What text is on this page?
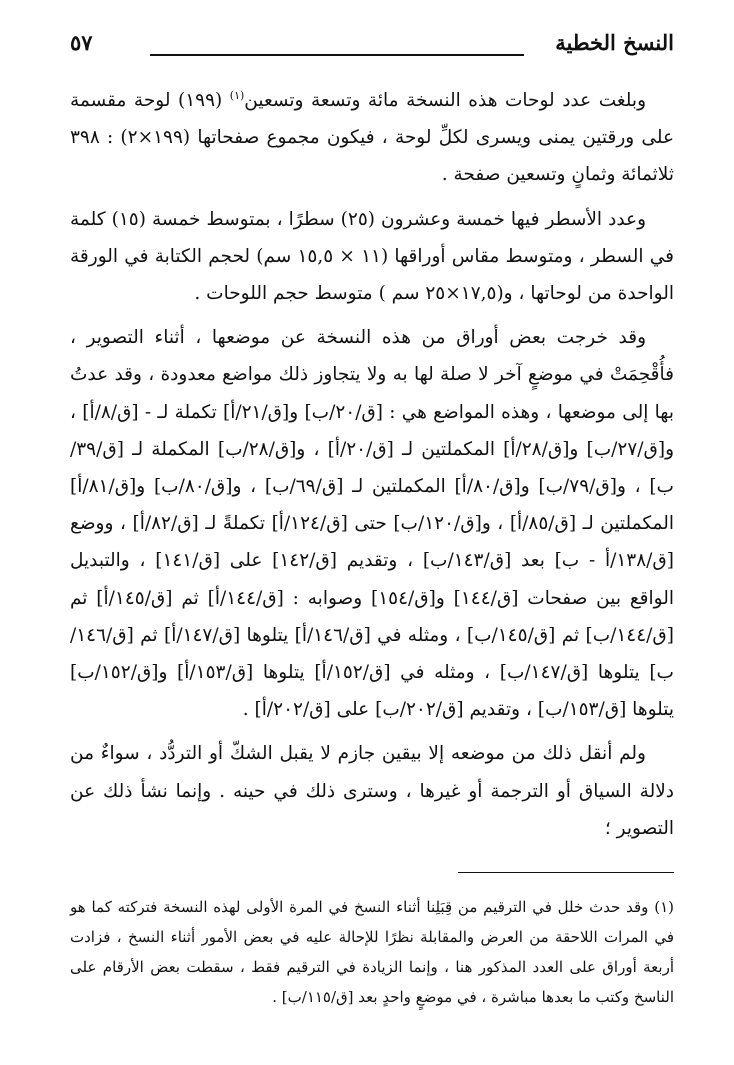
النسخ الخطية
٥٧

وبلغت عدد لوحات هذه النسخة مائة وتسعة وتسعين$^{(١)}$ (١٩٩) لوحة مقسمة على ورقتين يمنى ويسرى لكلِّ لوحة ، فيكون مجموع صفحاتها (١٩٩×٢) : ٣٩٨ ثلاثمائة وثمانٍ وتسعين صفحة .

وعدد الأسطر فيها خمسة وعشرون (٢٥) سطرًا ، بمتوسط خمسة (١٥) كلمة في السطر ، ومتوسط مقاس أوراقها (١١ × ١٥,٥ سم) لحجم الكتابة في الورقة الواحدة من لوحاتها ، و(١٧,٥×٢٥ سم ) متوسط حجم اللوحات .

وقد خرجت بعض أوراق من هذه النسخة عن موضعها ، أثناء التصوير ، فأُقْحِمَتْ في موضعٍ آخر لا صلة لها به ولا يتجاوز ذلك مواضع معدودة ، وقد عدتُ بها إلى موضعها ، وهذه المواضع هي : [ق/٢٠/ب] و[ق/٢١/أ] تكملة لـ - [ق/٨/أ] ، و[ق/٢٧/ب] و[ق/٢٨/أ] المكملتين لـ [ق/٢٠/أ] ، و[ق/٢٨/ب] المكملة لـ [ق/٣٩/ب] ، و[ق/٧٩/ب] و[ق/٨٠/أ] المكملتين لـ [ق/٦٩/ب] ، و[ق/٨٠/ب] و[ق/٨١/أ] المكملتين لـ [ق/٨٥/أ] ، و[ق/١٢٠/ب] حتى [ق/١٢٤/أ] تكملةً لـ [ق/٨٢/أ] ، ووضع [ق/١٣٨/أ - ب] بعد [ق/١٤٣/ب] ، وتقديم [ق/١٤٢] على [ق/١٤١] ، والتبديل الواقع بين صفحات [ق/١٤٤] و[ق/١٥٤] وصوابه : [ق/١٤٤/أ] ثم [ق/١٤٥/أ] ثم [ق/١٤٤/ب] ثم [ق/١٤٥/ب] ، ومثله في [ق/١٤٦/أ] يتلوها [ق/١٤٧/أ] ثم [ق/١٤٦/ب] يتلوها [ق/١٤٧/ب] ، ومثله في [ق/١٥٢/أ] يتلوها [ق/١٥٣/أ] و[ق/١٥٢/ب] يتلوها [ق/١٥٣/ب] ، وتقديم [ق/٢٠٢/ب] على [ق/٢٠٢/أ] .

ولم أنقل ذلك من موضعه إلا بيقين جازم لا يقبل الشكّ أو التردُّد ، سواءٌ من دلالة السياق أو الترجمة أو غيرها ، وسترى ذلك في حينه . وإنما نشأ ذلك عن التصوير ؛

(١) وقد حدث خلل في الترقيم من قِبَلِنا أثناء النسخ في المرة الأولى لهذه النسخة فتركته كما هو في المرات اللاحقة من العرض والمقابلة نظرًا للإحالة عليه في بعض الأمور أثناء النسخ ، فزادت أربعة أوراق على العدد المذكور هنا ، وإنما الزيادة في الترقيم فقط ، سقطت بعض الأرقام على الناسخ وكتب ما بعدها مباشرة ، في موضعٍ واحدٍ بعد [ق/١١٥/ب] .
